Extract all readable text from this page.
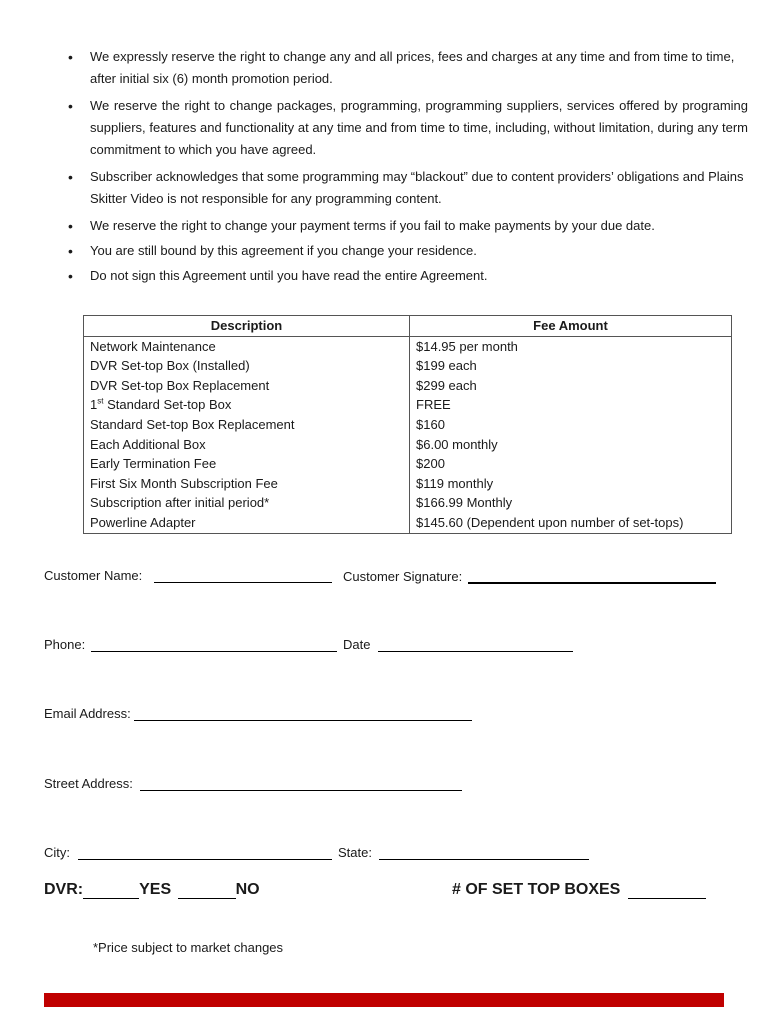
• We expressly reserve the right to change any and all prices, fees and charges at any time and from time to time, after initial six (6) month promotion period.
• We reserve the right to change packages, programming, programming suppliers, services offered by programing suppliers, features and functionality at any time and from time to time, including, without limitation, during any term commitment to which you have agreed.
• Subscriber acknowledges that some programming may “blackout” due to content providers’ obligations and Plains Skitter Video is not responsible for any programming content.
• We reserve the right to change your payment terms if you fail to make payments by your due date.
• You are still bound by this agreement if you change your residence.
• Do not sign this Agreement until you have read the entire Agreement.
Description	Fee Amount
Network Maintenance	$14.95 per month
DVR Set-top Box (Installed)	$199 each
DVR Set-top Box Replacement	$299 each
1st Standard Set-top Box	FREE
Standard Set-top Box Replacement	$160
Each Additional Box	$6.00 monthly
Early Termination Fee	$200
First Six Month Subscription Fee	$119 monthly
Subscription after initial period*	$166.99 Monthly
Powerline Adapter	$145.60 (Dependent upon number of set-tops)
Customer Name:	Customer Signature:
Phone:	Date
Email Address:
Street Address:
City:	State:
DVR:	YES	NO	# OF SET TOP BOXES
*Price subject to market changes
